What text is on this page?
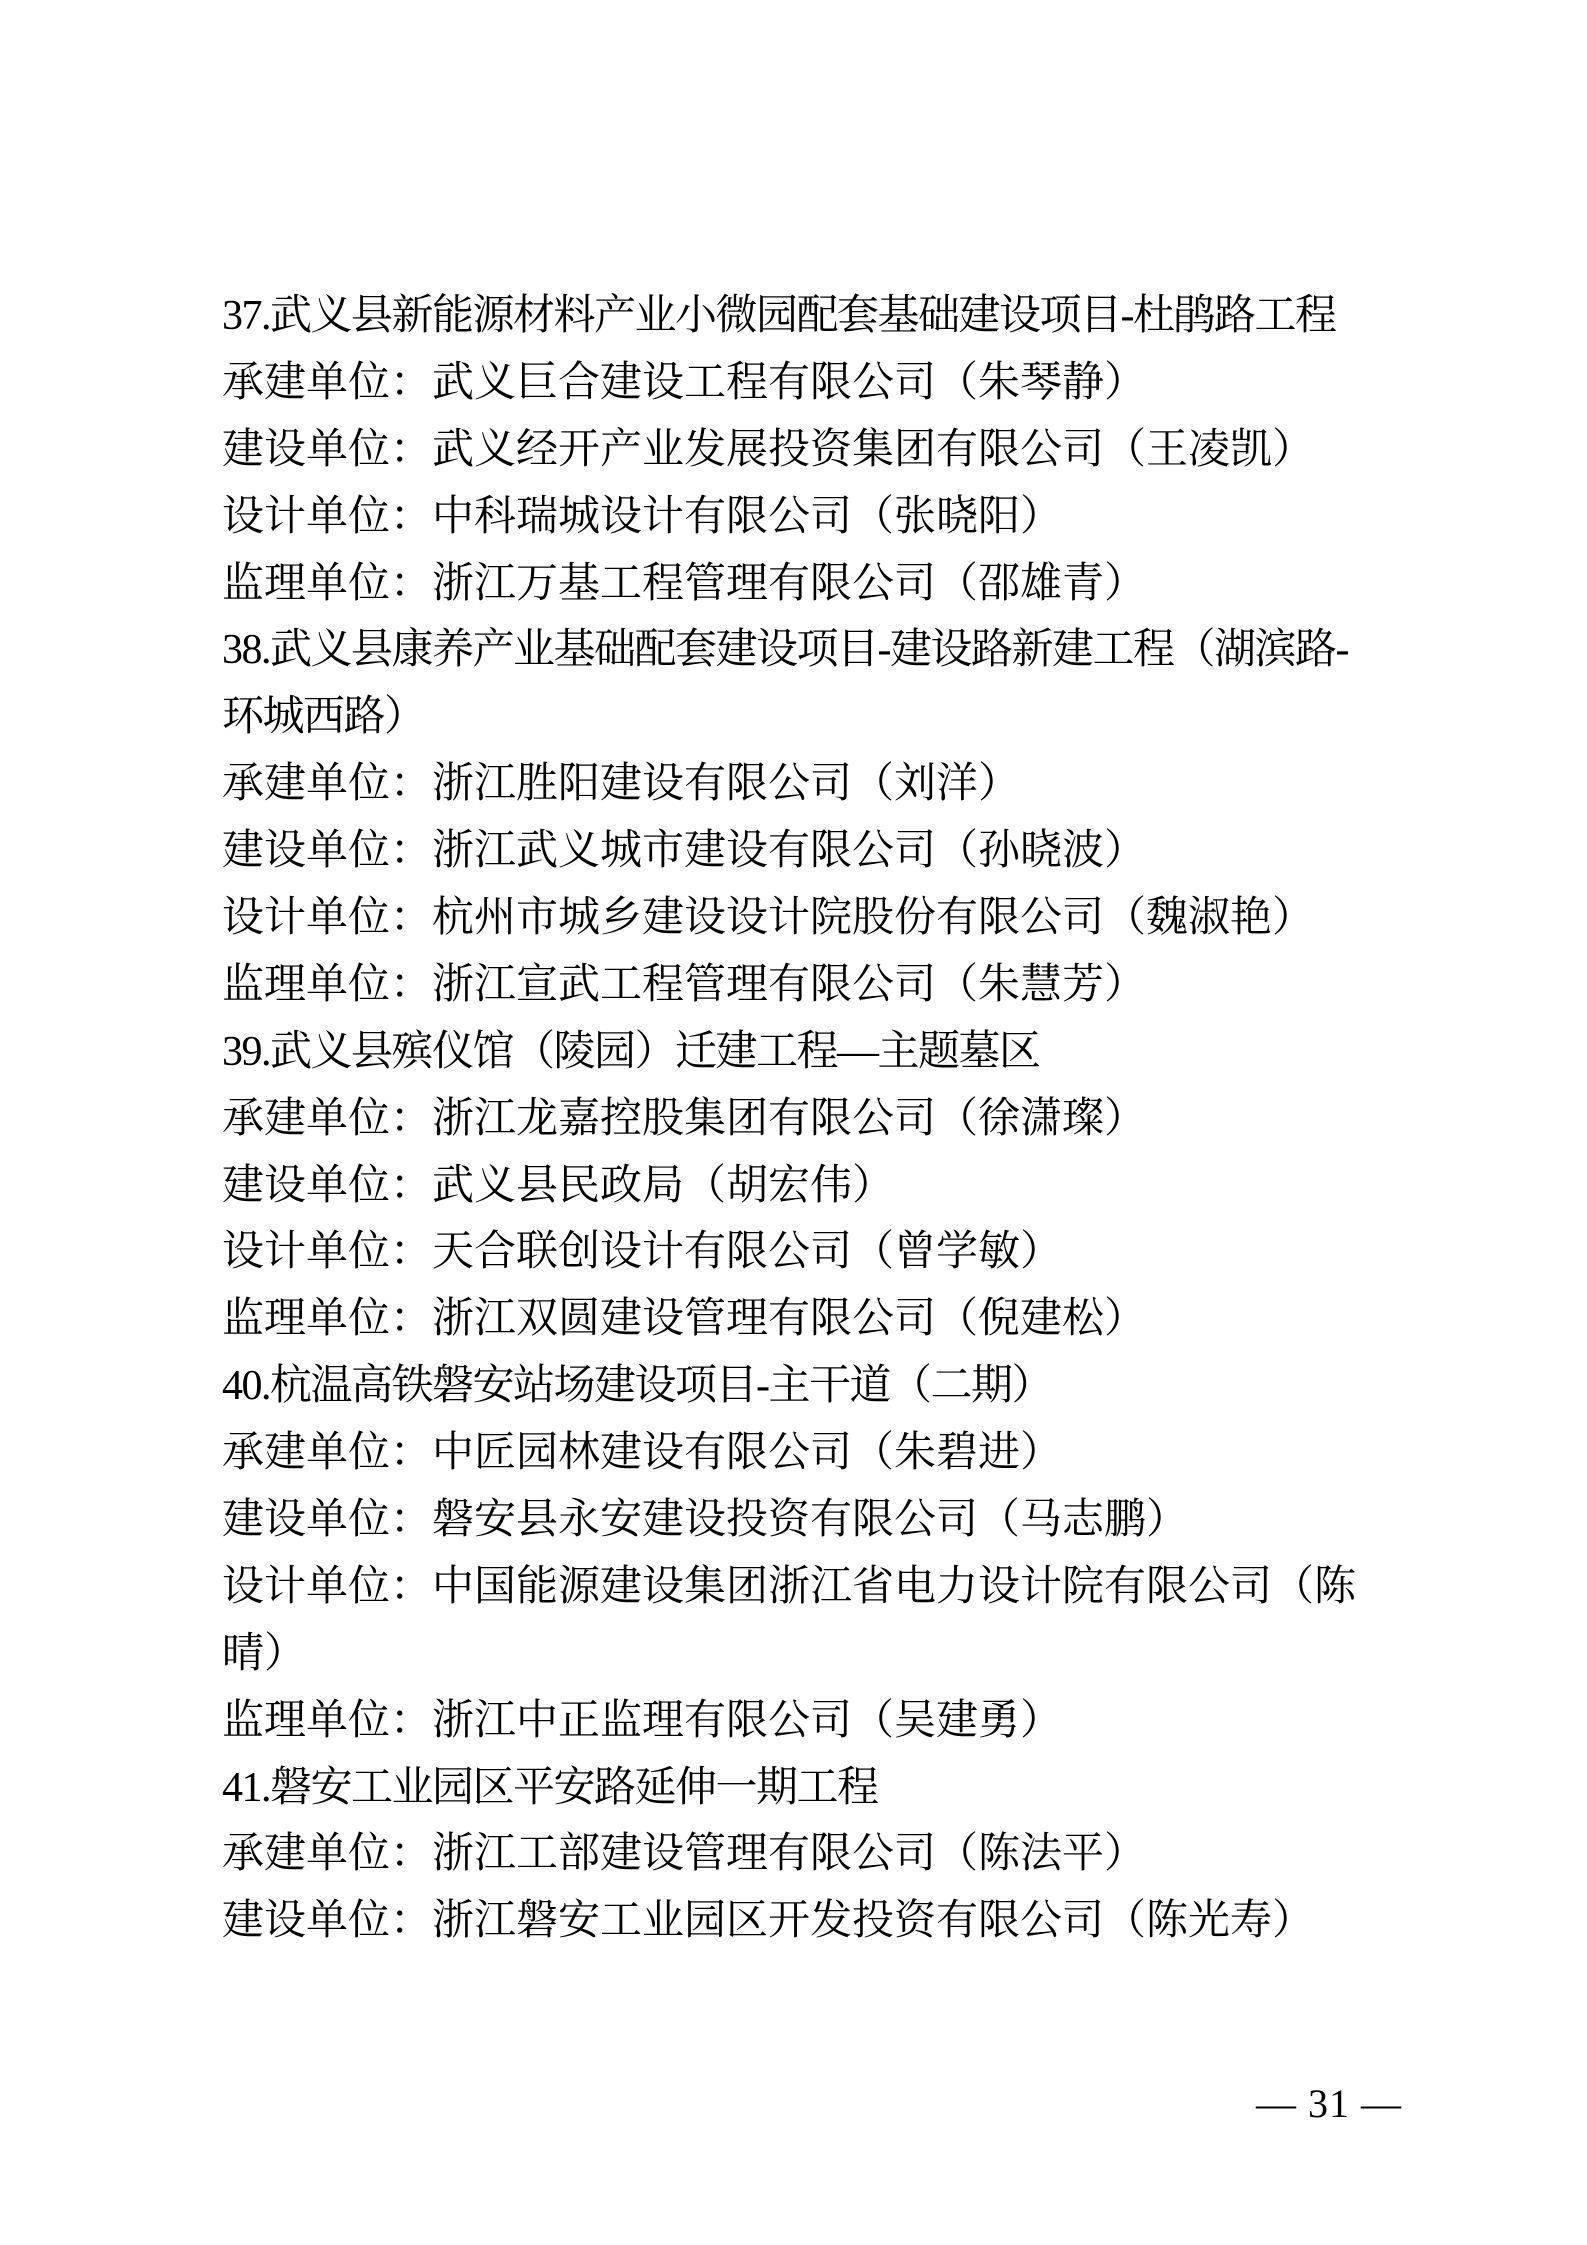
37.武义县新能源材料产业小微园配套基础建设项目-杜鹃路工程
承建单位：武义巨合建设工程有限公司（朱琴静）
建设单位：武义经开产业发展投资集团有限公司（王凌凯）
设计单位：中科瑞城设计有限公司（张晓阳）
监理单位：浙江万基工程管理有限公司（邵雄青）
38.武义县康养产业基础配套建设项目-建设路新建工程（湖滨路-
环城西路）
承建单位：浙江胜阳建设有限公司（刘洋）
建设单位：浙江武义城市建设有限公司（孙晓波）
设计单位：杭州市城乡建设设计院股份有限公司（魏淑艳）
监理单位：浙江宣武工程管理有限公司（朱慧芳）
39.武义县殡仪馆（陵园）迁建工程—主题墓区
承建单位：浙江龙嘉控股集团有限公司（徐潇璨）
建设单位：武义县民政局（胡宏伟）
设计单位：天合联创设计有限公司（曾学敏）
监理单位：浙江双圆建设管理有限公司（倪建松）
40.杭温高铁磐安站场建设项目-主干道（二期）
承建单位：中匠园林建设有限公司（朱碧进）
建设单位：磐安县永安建设投资有限公司（马志鹏）
设计单位：中国能源建设集团浙江省电力设计院有限公司（陈
晴）
监理单位：浙江中正监理有限公司（吴建勇）
41.磐安工业园区平安路延伸一期工程
承建单位：浙江工部建设管理有限公司（陈法平）
建设单位：浙江磐安工业园区开发投资有限公司（陈光寿）
— 31 —
